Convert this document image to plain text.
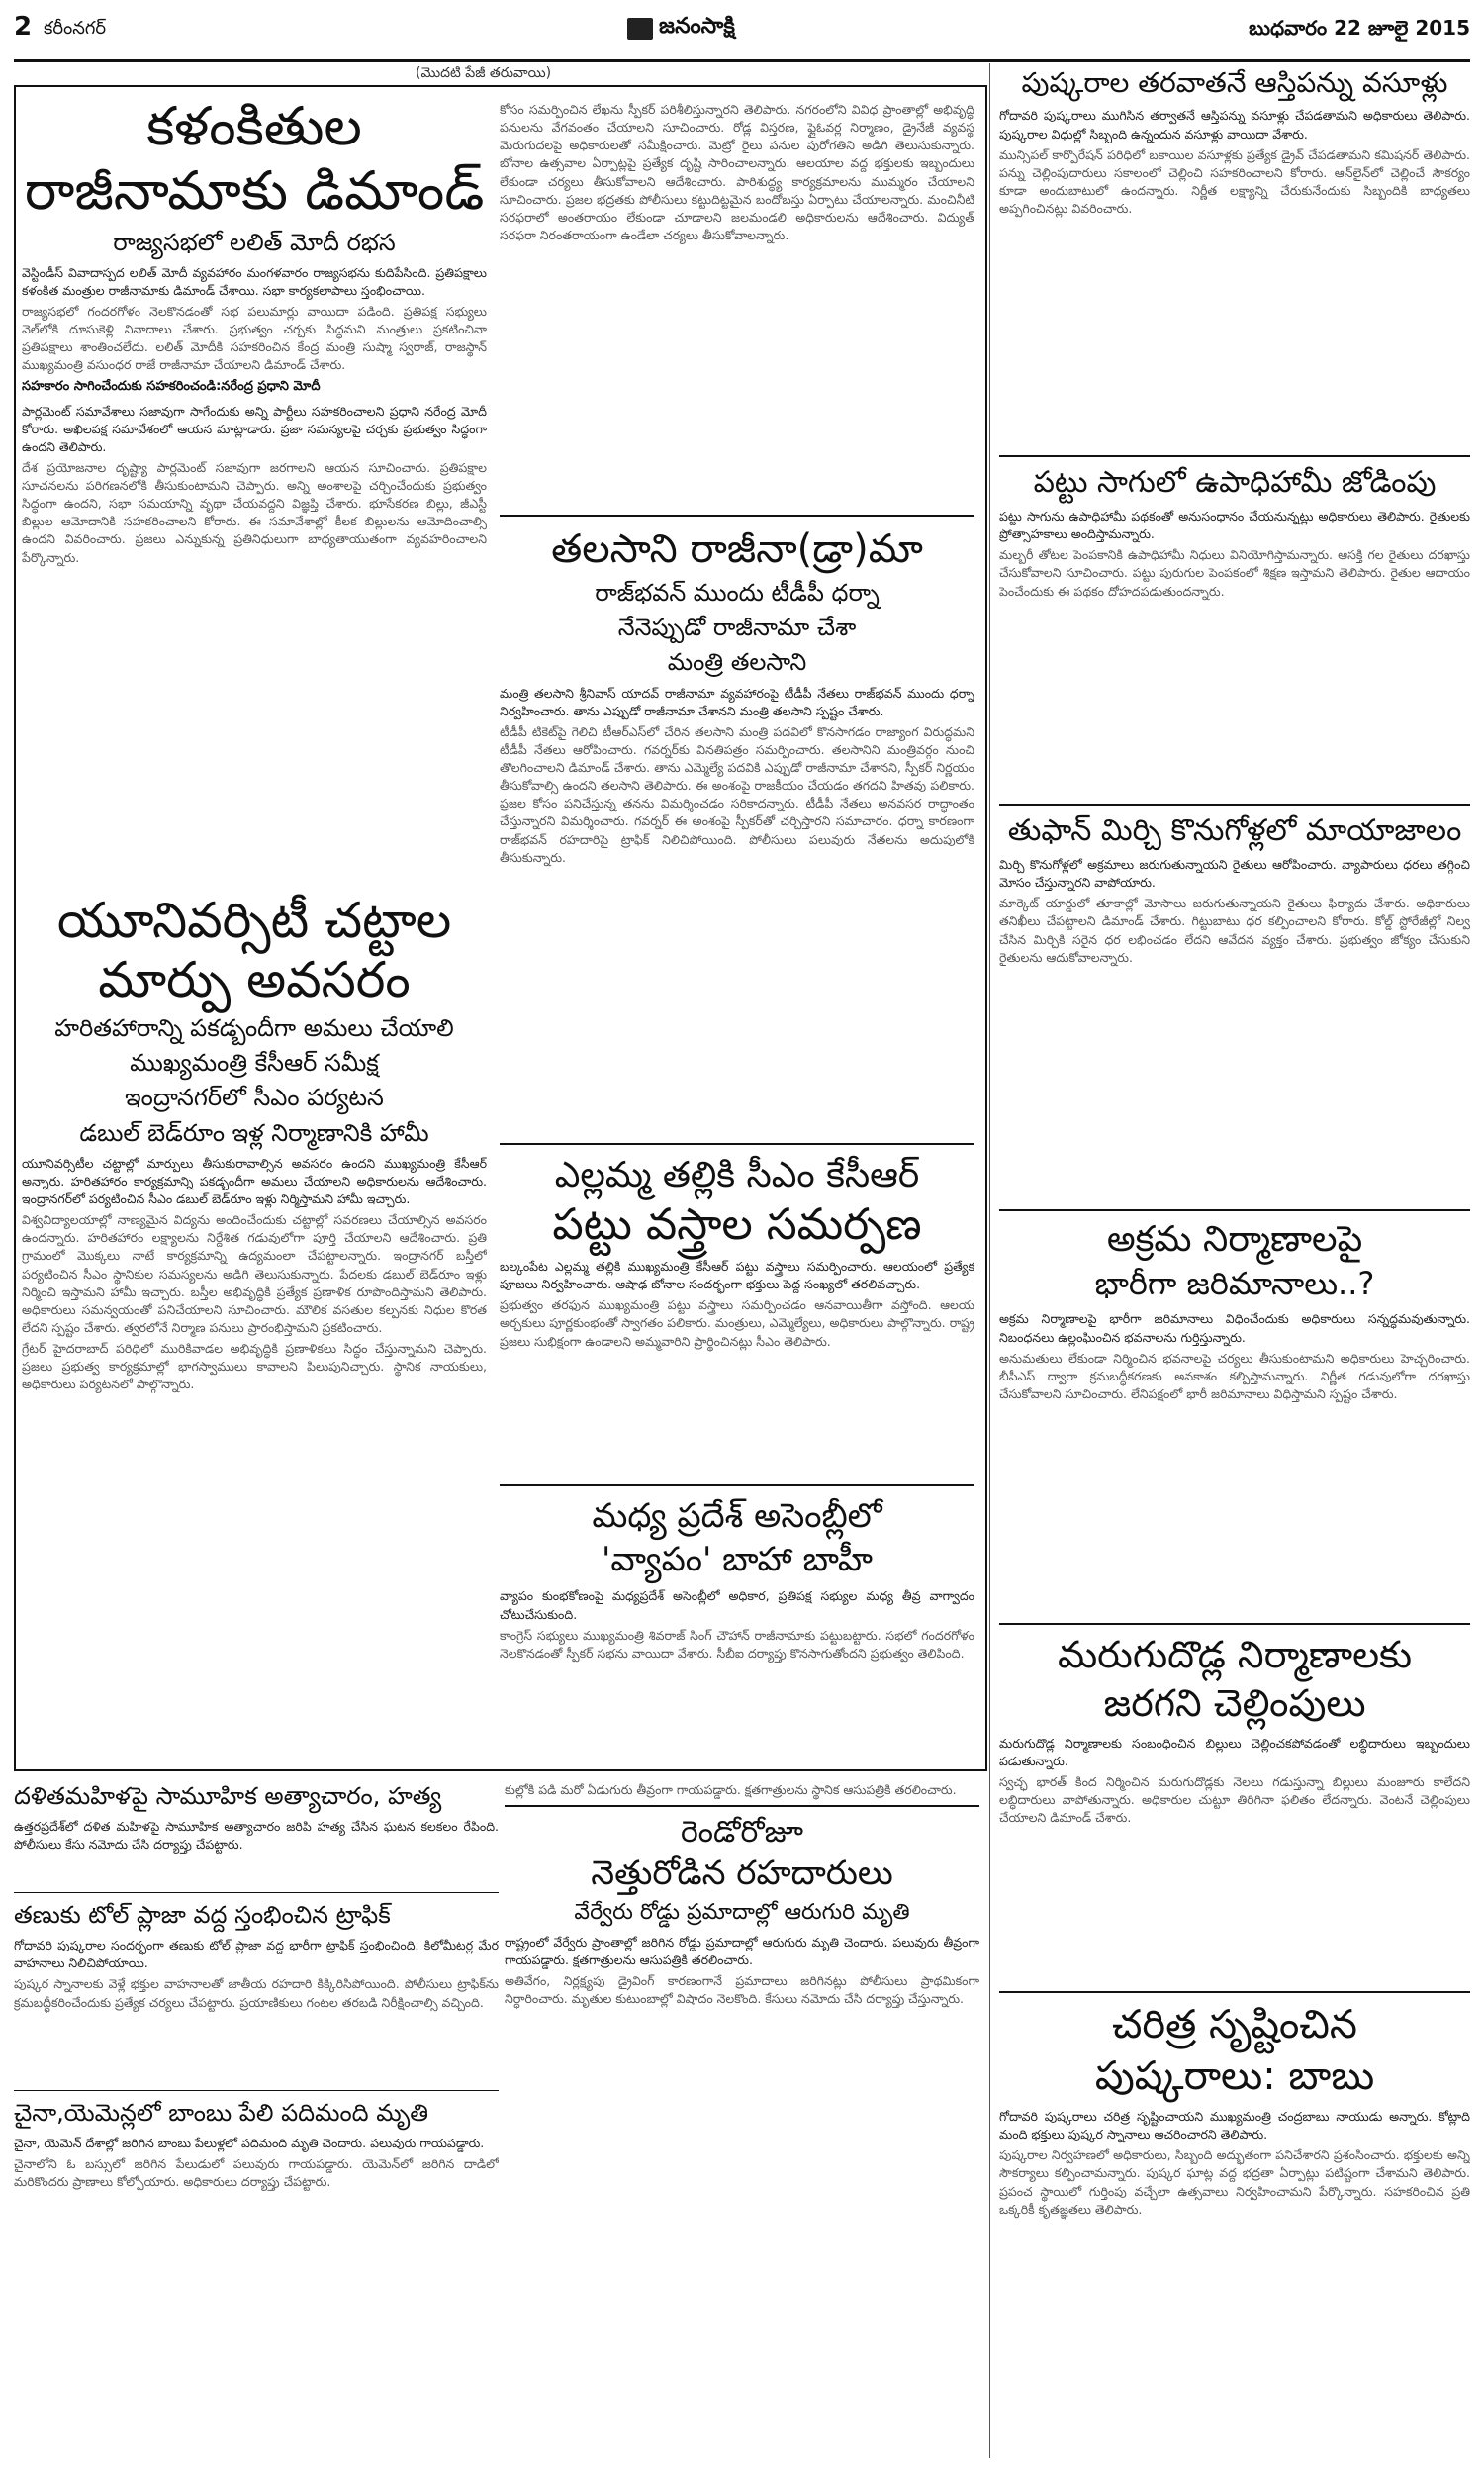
2 కరీంనగర్	జనంసాక్షి	బుధవారం 22 జూలై 2015
(మొదటి పేజీ తరువాయి)
కళంకితుల
రాజీనామాకు డిమాండ్
రాజ్యసభలో లలిత్ మోదీ రభస

వెస్టిండీస్ వివాదాస్పద లలిత్ మోదీ వ్యవహారం మంగళవారం రాజ్యసభను కుదిపేసింది. ప్రతిపక్షాలు కళంకిత మంత్రుల రాజీనామాకు డిమాండ్ చేశాయి. సభా కార్యకలాపాలు స్తంభించాయి.

రాజ్యసభలో గందరగోళం నెలకొనడంతో సభ పలుమార్లు వాయిదా పడింది. ప్రతిపక్ష సభ్యులు వెల్‌లోకి దూసుకెళ్లి నినాదాలు చేశారు. ప్రభుత్వం చర్చకు సిద్ధమని మంత్రులు ప్రకటించినా ప్రతిపక్షాలు శాంతించలేదు. లలిత్ మోదీకి సహకరించిన కేంద్ర మంత్రి సుష్మా స్వరాజ్, రాజస్థాన్ ముఖ్యమంత్రి వసుంధర రాజే రాజీనామా చేయాలని డిమాండ్ చేశారు.

సహకారం సాగించేందుకు సహకరించండి:నరేంద్ర ప్రధాని మోదీ

పార్లమెంట్ సమావేశాలు సజావుగా సాగేందుకు అన్ని పార్టీలు సహకరించాలని ప్రధాని నరేంద్ర మోదీ కోరారు. అఖిలపక్ష సమావేశంలో ఆయన మాట్లాడారు. ప్రజా సమస్యలపై చర్చకు ప్రభుత్వం సిద్ధంగా ఉందని తెలిపారు.

దేశ ప్రయోజనాల దృష్ట్యా పార్లమెంట్ సజావుగా జరగాలని ఆయన సూచించారు. ప్రతిపక్షాల సూచనలను పరిగణనలోకి తీసుకుంటామని చెప్పారు. అన్ని అంశాలపై చర్చించేందుకు ప్రభుత్వం సిద్ధంగా ఉందని, సభా సమయాన్ని వృథా చేయవద్దని విజ్ఞప్తి చేశారు. భూసేకరణ బిల్లు, జీఎస్టీ బిల్లుల ఆమోదానికి సహకరించాలని కోరారు. ఈ సమావేశాల్లో కీలక బిల్లులను ఆమోదించాల్సి ఉందని వివరించారు. ప్రజలు ఎన్నుకున్న ప్రతినిధులుగా బాధ్యతాయుతంగా వ్యవహరించాలని పేర్కొన్నారు.

యూనివర్సిటీ చట్టాల
మార్పు అవసరం
హరితహారాన్ని పకడ్బందీగా అమలు చేయాలి
ముఖ్యమంత్రి కేసీఆర్ సమీక్ష
ఇంద్రానగర్‌లో సీఎం పర్యటన
డబుల్ బెడ్‌రూం ఇళ్ల నిర్మాణానికి హామీ

యూనివర్సిటీల చట్టాల్లో మార్పులు తీసుకురావాల్సిన అవసరం ఉందని ముఖ్యమంత్రి కేసీఆర్ అన్నారు. హరితహారం కార్యక్రమాన్ని పకడ్బందీగా అమలు చేయాలని అధికారులను ఆదేశించారు. ఇంద్రానగర్‌లో పర్యటించిన సీఎం డబుల్ బెడ్‌రూం ఇళ్లు నిర్మిస్తామని హామీ ఇచ్చారు.

విశ్వవిద్యాలయాల్లో నాణ్యమైన విద్యను అందించేందుకు చట్టాల్లో సవరణలు చేయాల్సిన అవసరం ఉందన్నారు. హరితహారం లక్ష్యాలను నిర్దేశిత గడువులోగా పూర్తి చేయాలని ఆదేశించారు. ప్రతి గ్రామంలో మొక్కలు నాటే కార్యక్రమాన్ని ఉద్యమంలా చేపట్టాలన్నారు. ఇంద్రానగర్ బస్తీలో పర్యటించిన సీఎం స్థానికుల సమస్యలను అడిగి తెలుసుకున్నారు. పేదలకు డబుల్ బెడ్‌రూం ఇళ్లు నిర్మించి ఇస్తామని హామీ ఇచ్చారు. బస్తీల అభివృద్ధికి ప్రత్యేక ప్రణాళిక రూపొందిస్తామని తెలిపారు. అధికారులు సమన్వయంతో పనిచేయాలని సూచించారు. మౌలిక వసతుల కల్పనకు నిధుల కొరత లేదని స్పష్టం చేశారు. త్వరలోనే నిర్మాణ పనులు ప్రారంభిస్తామని ప్రకటించారు.

గ్రేటర్ హైదరాబాద్ పరిధిలో మురికివాడల అభివృద్ధికి ప్రణాళికలు సిద్ధం చేస్తున్నామని చెప్పారు. ప్రజలు ప్రభుత్వ కార్యక్రమాల్లో భాగస్వాములు కావాలని పిలుపునిచ్చారు. స్థానిక నాయకులు, అధికారులు పర్యటనలో పాల్గొన్నారు.

కోసం సమర్పించిన లేఖను స్పీకర్ పరిశీలిస్తున్నారని తెలిపారు. నగరంలోని వివిధ ప్రాంతాల్లో అభివృద్ధి పనులను వేగవంతం చేయాలని సూచించారు. రోడ్ల విస్తరణ, ఫ్లైఓవర్ల నిర్మాణం, డ్రైనేజీ వ్యవస్థ మెరుగుదలపై అధికారులతో సమీక్షించారు. మెట్రో రైలు పనుల పురోగతిని అడిగి తెలుసుకున్నారు. బోనాల ఉత్సవాల ఏర్పాట్లపై ప్రత్యేక దృష్టి సారించాలన్నారు. ఆలయాల వద్ద భక్తులకు ఇబ్బందులు లేకుండా చర్యలు తీసుకోవాలని ఆదేశించారు. పారిశుద్ధ్య కార్యక్రమాలను ముమ్మరం చేయాలని సూచించారు. ప్రజల భద్రతకు పోలీసులు కట్టుదిట్టమైన బందోబస్తు ఏర్పాటు చేయాలన్నారు. మంచినీటి సరఫరాలో అంతరాయం లేకుండా చూడాలని జలమండలి అధికారులను ఆదేశించారు. విద్యుత్ సరఫరా నిరంతరాయంగా ఉండేలా చర్యలు తీసుకోవాలన్నారు.

తలసాని రాజీనా(డ్రా)మా
రాజ్‌భవన్ ముందు టీడీపీ ధర్నా
నేనెప్పుడో రాజీనామా చేశా
మంత్రి తలసాని

మంత్రి తలసాని శ్రీనివాస్ యాదవ్ రాజీనామా వ్యవహారంపై టీడీపీ నేతలు రాజ్‌భవన్ ముందు ధర్నా నిర్వహించారు. తాను ఎప్పుడో రాజీనామా చేశానని మంత్రి తలసాని స్పష్టం చేశారు.

టీడీపీ టికెట్‌పై గెలిచి టీఆర్‌ఎస్‌లో చేరిన తలసాని మంత్రి పదవిలో కొనసాగడం రాజ్యాంగ విరుద్ధమని టీడీపీ నేతలు ఆరోపించారు. గవర్నర్‌కు వినతిపత్రం సమర్పించారు. తలసానిని మంత్రివర్గం నుంచి తొలగించాలని డిమాండ్ చేశారు. తాను ఎమ్మెల్యే పదవికి ఎప్పుడో రాజీనామా చేశానని, స్పీకర్ నిర్ణయం తీసుకోవాల్సి ఉందని తలసాని తెలిపారు. ఈ అంశంపై రాజకీయం చేయడం తగదని హితవు పలికారు. ప్రజల కోసం పనిచేస్తున్న తనను విమర్శించడం సరికాదన్నారు. టీడీపీ నేతలు అనవసర రాద్ధాంతం చేస్తున్నారని విమర్శించారు. గవర్నర్ ఈ అంశంపై స్పీకర్‌తో చర్చిస్తారని సమాచారం. ధర్నా కారణంగా రాజ్‌భవన్ రహదారిపై ట్రాఫిక్ నిలిచిపోయింది. పోలీసులు పలువురు నేతలను అదుపులోకి తీసుకున్నారు.

ఎల్లమ్మ తల్లికి సీఎం కేసీఆర్
పట్టు వస్త్రాల సమర్పణ

బల్కంపేట ఎల్లమ్మ తల్లికి ముఖ్యమంత్రి కేసీఆర్ పట్టు వస్త్రాలు సమర్పించారు. ఆలయంలో ప్రత్యేక పూజలు నిర్వహించారు. ఆషాఢ బోనాల సందర్భంగా భక్తులు పెద్ద సంఖ్యలో తరలివచ్చారు.

ప్రభుత్వం తరఫున ముఖ్యమంత్రి పట్టు వస్త్రాలు సమర్పించడం ఆనవాయితీగా వస్తోంది. ఆలయ అర్చకులు పూర్ణకుంభంతో స్వాగతం పలికారు. మంత్రులు, ఎమ్మెల్యేలు, అధికారులు పాల్గొన్నారు. రాష్ట్ర ప్రజలు సుభిక్షంగా ఉండాలని అమ్మవారిని ప్రార్థించినట్లు సీఎం తెలిపారు.

మధ్య ప్రదేశ్ అసెంబ్లీలో
'వ్యాపం' బాహా బాహీ

వ్యాపం కుంభకోణంపై మధ్యప్రదేశ్ అసెంబ్లీలో అధికార, ప్రతిపక్ష సభ్యుల మధ్య తీవ్ర వాగ్వాదం చోటుచేసుకుంది.

కాంగ్రెస్ సభ్యులు ముఖ్యమంత్రి శివరాజ్ సింగ్ చౌహాన్ రాజీనామాకు పట్టుబట్టారు. సభలో గందరగోళం నెలకొనడంతో స్పీకర్ సభను వాయిదా వేశారు. సీబీఐ దర్యాప్తు కొనసాగుతోందని ప్రభుత్వం తెలిపింది.

దళితమహిళపై సామూహిక అత్యాచారం, హత్య

ఉత్తరప్రదేశ్‌లో దళిత మహిళపై సామూహిక అత్యాచారం జరిపి హత్య చేసిన ఘటన కలకలం రేపింది. పోలీసులు కేసు నమోదు చేసి దర్యాప్తు చేపట్టారు.

తణుకు టోల్ ప్లాజా వద్ద స్తంభించిన ట్రాఫిక్

గోదావరి పుష్కరాల సందర్భంగా తణుకు టోల్ ప్లాజా వద్ద భారీగా ట్రాఫిక్ స్తంభించింది. కిలోమీటర్ల మేర వాహనాలు నిలిచిపోయాయి.

పుష్కర స్నానాలకు వెళ్లే భక్తుల వాహనాలతో జాతీయ రహదారి కిక్కిరిసిపోయింది. పోలీసులు ట్రాఫిక్‌ను క్రమబద్ధీకరించేందుకు ప్రత్యేక చర్యలు చేపట్టారు. ప్రయాణికులు గంటల తరబడి నిరీక్షించాల్సి వచ్చింది.

చైనా,యెమెన్లలో బాంబు పేలి పదిమంది మృతి

చైనా, యెమెన్ దేశాల్లో జరిగిన బాంబు పేలుళ్లలో పదిమంది మృతి చెందారు. పలువురు గాయపడ్డారు.

చైనాలోని ఓ బస్సులో జరిగిన పేలుడులో పలువురు గాయపడ్డారు. యెమెన్‌లో జరిగిన దాడిలో మరికొందరు ప్రాణాలు కోల్పోయారు. అధికారులు దర్యాప్తు చేపట్టారు.

కుల్లోకి పడి మరో ఏడుగురు తీవ్రంగా గాయపడ్డారు. క్షతగాత్రులను స్థానిక ఆసుపత్రికి తరలించారు.

రెండోరోజూ
నెత్తురోడిన రహదారులు
వేర్వేరు రోడ్డు ప్రమాదాల్లో ఆరుగురి మృతి

రాష్ట్రంలో వేర్వేరు ప్రాంతాల్లో జరిగిన రోడ్డు ప్రమాదాల్లో ఆరుగురు మృతి చెందారు. పలువురు తీవ్రంగా గాయపడ్డారు. క్షతగాత్రులను ఆసుపత్రికి తరలించారు.

అతివేగం, నిర్లక్ష్యపు డ్రైవింగ్ కారణంగానే ప్రమాదాలు జరిగినట్లు పోలీసులు ప్రాథమికంగా నిర్ధారించారు. మృతుల కుటుంబాల్లో విషాదం నెలకొంది. కేసులు నమోదు చేసి దర్యాప్తు చేస్తున్నారు.

పుష్కరాల తరవాతనే ఆస్తిపన్ను వసూళ్లు

గోదావరి పుష్కరాలు ముగిసిన తర్వాతనే ఆస్తిపన్ను వసూళ్లు చేపడతామని అధికారులు తెలిపారు. పుష్కరాల విధుల్లో సిబ్బంది ఉన్నందున వసూళ్లు వాయిదా వేశారు.

మున్సిపల్ కార్పొరేషన్ పరిధిలో బకాయిల వసూళ్లకు ప్రత్యేక డ్రైవ్ చేపడతామని కమిషనర్ తెలిపారు. పన్ను చెల్లింపుదారులు సకాలంలో చెల్లించి సహకరించాలని కోరారు. ఆన్‌లైన్‌లో చెల్లించే సౌకర్యం కూడా అందుబాటులో ఉందన్నారు. నిర్ణీత లక్ష్యాన్ని చేరుకునేందుకు సిబ్బందికి బాధ్యతలు అప్పగించినట్లు వివరించారు.

పట్టు సాగులో ఉపాధిహామీ జోడింపు

పట్టు సాగును ఉపాధిహామీ పథకంతో అనుసంధానం చేయనున్నట్లు అధికారులు తెలిపారు. రైతులకు ప్రోత్సాహకాలు అందిస్తామన్నారు.

మల్బరీ తోటల పెంపకానికి ఉపాధిహామీ నిధులు వినియోగిస్తామన్నారు. ఆసక్తి గల రైతులు దరఖాస్తు చేసుకోవాలని సూచించారు. పట్టు పురుగుల పెంపకంలో శిక్షణ ఇస్తామని తెలిపారు. రైతుల ఆదాయం పెంచేందుకు ఈ పథకం దోహదపడుతుందన్నారు.

తుఫాన్ మిర్చి కొనుగోళ్లలో మాయాజాలం

మిర్చి కొనుగోళ్లలో అక్రమాలు జరుగుతున్నాయని రైతులు ఆరోపించారు. వ్యాపారులు ధరలు తగ్గించి మోసం చేస్తున్నారని వాపోయారు.

మార్కెట్ యార్డులో తూకాల్లో మోసాలు జరుగుతున్నాయని రైతులు ఫిర్యాదు చేశారు. అధికారులు తనిఖీలు చేపట్టాలని డిమాండ్ చేశారు. గిట్టుబాటు ధర కల్పించాలని కోరారు. కోల్డ్ స్టోరేజీల్లో నిల్వ చేసిన మిర్చికి సరైన ధర లభించడం లేదని ఆవేదన వ్యక్తం చేశారు. ప్రభుత్వం జోక్యం చేసుకుని రైతులను ఆదుకోవాలన్నారు.

అక్రమ నిర్మాణాలపై
భారీగా జరిమానాలు..?

అక్రమ నిర్మాణాలపై భారీగా జరిమానాలు విధించేందుకు అధికారులు సన్నద్ధమవుతున్నారు. నిబంధనలు ఉల్లంఘించిన భవనాలను గుర్తిస్తున్నారు.

అనుమతులు లేకుండా నిర్మించిన భవనాలపై చర్యలు తీసుకుంటామని అధికారులు హెచ్చరించారు. బీపీఎస్ ద్వారా క్రమబద్ధీకరణకు అవకాశం కల్పిస్తామన్నారు. నిర్ణీత గడువులోగా దరఖాస్తు చేసుకోవాలని సూచించారు. లేనిపక్షంలో భారీ జరిమానాలు విధిస్తామని స్పష్టం చేశారు.

మరుగుదొడ్ల నిర్మాణాలకు
జరగని చెల్లింపులు

మరుగుదొడ్ల నిర్మాణాలకు సంబంధించిన బిల్లులు చెల్లించకపోవడంతో లబ్ధిదారులు ఇబ్బందులు పడుతున్నారు.

స్వచ్ఛ భారత్ కింద నిర్మించిన మరుగుదొడ్లకు నెలలు గడుస్తున్నా బిల్లులు మంజూరు కాలేదని లబ్ధిదారులు వాపోతున్నారు. అధికారుల చుట్టూ తిరిగినా ఫలితం లేదన్నారు. వెంటనే చెల్లింపులు చేయాలని డిమాండ్ చేశారు.

చరిత్ర సృష్టించిన
పుష్కరాలు: బాబు

గోదావరి పుష్కరాలు చరిత్ర సృష్టించాయని ముఖ్యమంత్రి చంద్రబాబు నాయుడు అన్నారు. కోట్లాది మంది భక్తులు పుష్కర స్నానాలు ఆచరించారని తెలిపారు.

పుష్కరాల నిర్వహణలో అధికారులు, సిబ్బంది అద్భుతంగా పనిచేశారని ప్రశంసించారు. భక్తులకు అన్ని సౌకర్యాలు కల్పించామన్నారు. పుష్కర ఘాట్ల వద్ద భద్రతా ఏర్పాట్లు పటిష్టంగా చేశామని తెలిపారు. ప్రపంచ స్థాయిలో గుర్తింపు వచ్చేలా ఉత్సవాలు నిర్వహించామని పేర్కొన్నారు. సహకరించిన ప్రతి ఒక్కరికీ కృతజ్ఞతలు తెలిపారు.
